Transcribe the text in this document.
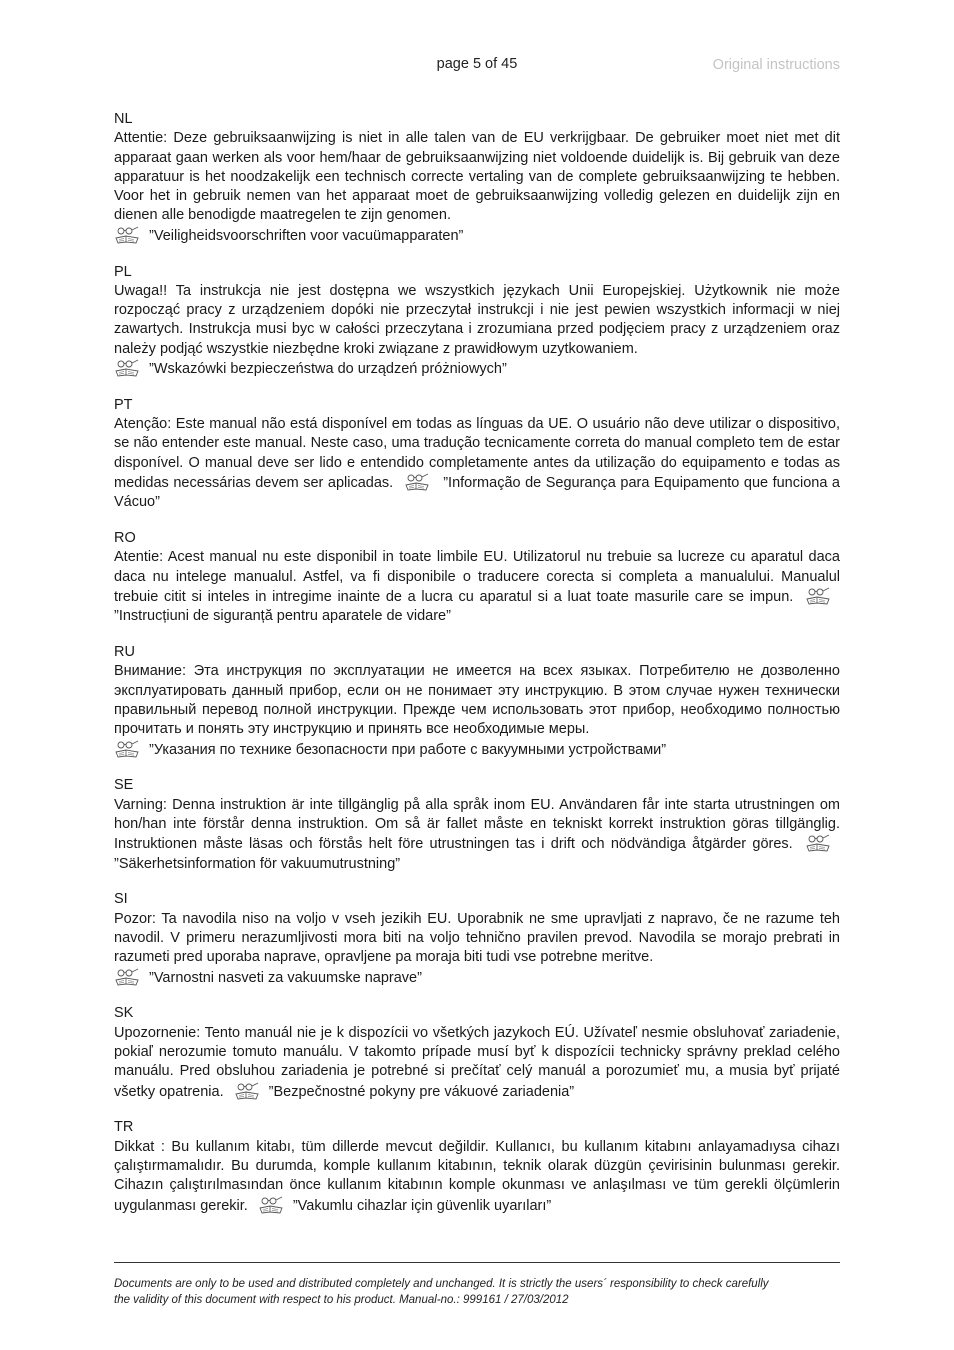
page 5 of 45	Original instructions
NL
Attentie: Deze gebruiksaanwijzing is niet in alle talen van de EU verkrijgbaar. De gebruiker moet niet met dit apparaat gaan werken als voor hem/haar de gebruiksaanwijzing niet voldoende duidelijk is. Bij gebruik van deze apparatuur is het noodzakelijk een technisch correcte vertaling van de complete gebruiksaanwijzing te hebben. Voor het in gebruik nemen van het apparaat moet de gebruiksaanwijzing volledig gelezen en duidelijk zijn en dienen alle benodigde maatregelen te zijn genomen.

”Veiligheidsvoorschriften voor vacuümapparaten”
PL
Uwaga!! Ta instrukcja nie jest dostępna we wszystkich językach Unii Europejskiej. Użytkownik nie może rozpocząć pracy z urządzeniem dopóki nie przeczytał instrukcji i nie jest pewien wszystkich informacji w niej zawartych. Instrukcja musi byc w całości przeczytana i zrozumiana przed podjęciem pracy z urządzeniem oraz należy podjąć wszystkie niezbędne kroki związane z prawidłowym uzytkowaniem.

”Wskazówki bezpieczeństwa do urządzeń próżniowych”
PT
Atenção: Este manual não está disponível em todas as línguas da UE. O usuário não deve utilizar o dispositivo, se não entender este manual. Neste caso, uma tradução tecnicamente correta do manual completo tem de estar disponível. O manual deve ser lido e entendido completamente antes da utilização do equipamento e todas as medidas necessárias devem ser aplicadas.	”Informação de Segurança para Equipamento que funciona a Vácuo”
RO
Atentie: Acest manual nu este disponibil in toate limbile EU. Utilizatorul nu trebuie sa lucreze cu aparatul daca daca nu intelege manualul. Astfel, va fi disponibile o traducere corecta si completa a manualului. Manualul trebuie citit si inteles in intregime inainte de a lucra cu aparatul si a luat toate masurile care se impun.
”Instrucțiuni de siguranță pentru aparatele de vidare”
RU
Внимание: Эта инструкция по эксплуатации не имеется на всех языках. Потребителю не дозволенно эксплуатировать данный прибор, если он не понимает эту инструкцию. В этом случае нужен технически правильный перевод полной инструкции. Прежде чем использовать этот прибор, необходимо полностью прочитать и понять эту инструкцию и принять все необходимые меры.

”Указания по технике безопасности при работе с вакуумными устройствами”
SE
Varning: Denna instruktion är inte tillgänglig på alla språk inom EU. Användaren får inte starta utrustningen om hon/han inte förstår denna instruktion. Om så är fallet måste en tekniskt korrekt instruktion göras tillgänglig. Instruktionen måste läsas och förstås helt före utrustningen tas i drift och nödvändiga åtgärder göres.
”Säkerhetsinformation för vakuumutrustning”
SI
Pozor: Ta navodila niso na voljo v vseh jezikih EU. Uporabnik ne sme upravljati z napravo, če ne razume teh navodil. V primeru nerazumljivosti mora biti na voljo tehnično pravilen prevod. Navodila se morajo prebrati in razumeti pred uporaba naprave, opravljene pa moraja biti tudi vse potrebne meritve.

”Varnostni nasveti za vakuumske naprave”
SK
Upozornenie: Tento manuál nie je k dispozícii vo všetkých jazykoch EÚ. Užívateľ nesmie obsluhovať zariadenie, pokiaľ nerozumie tomuto manuálu. V takomto prípade musí byť k dispozícii technicky správny preklad celého manuálu. Pred obsluhou zariadenia je potrebné si prečítať celý manuál a porozumieť mu, a musia byť prijaté všetky opatrenia.	”Bezpečnostné pokyny pre vákuové zariadenia”
TR
Dikkat : Bu kullanım kitabı, tüm dillerde mevcut değildir. Kullanıcı, bu kullanım kitabını anlayamadıysa cihazı çalıştırmamalıdır. Bu durumda, komple kullanım kitabının, teknik olarak düzgün çevirisinin bulunması gerekir. Cihazın çalıştırılmasından önce kullanım kitabının komple okunması ve anlaşılması ve tüm gerekli ölçümlerin uygulanması gerekir.	”Vakumlu cihazlar için güvenlik uyarıları”
Documents are only to be used and distributed completely and unchanged. It is strictly the users´ responsibility to check carefully
the validity of this document with respect to his product. Manual-no.: 999161 / 27/03/2012
